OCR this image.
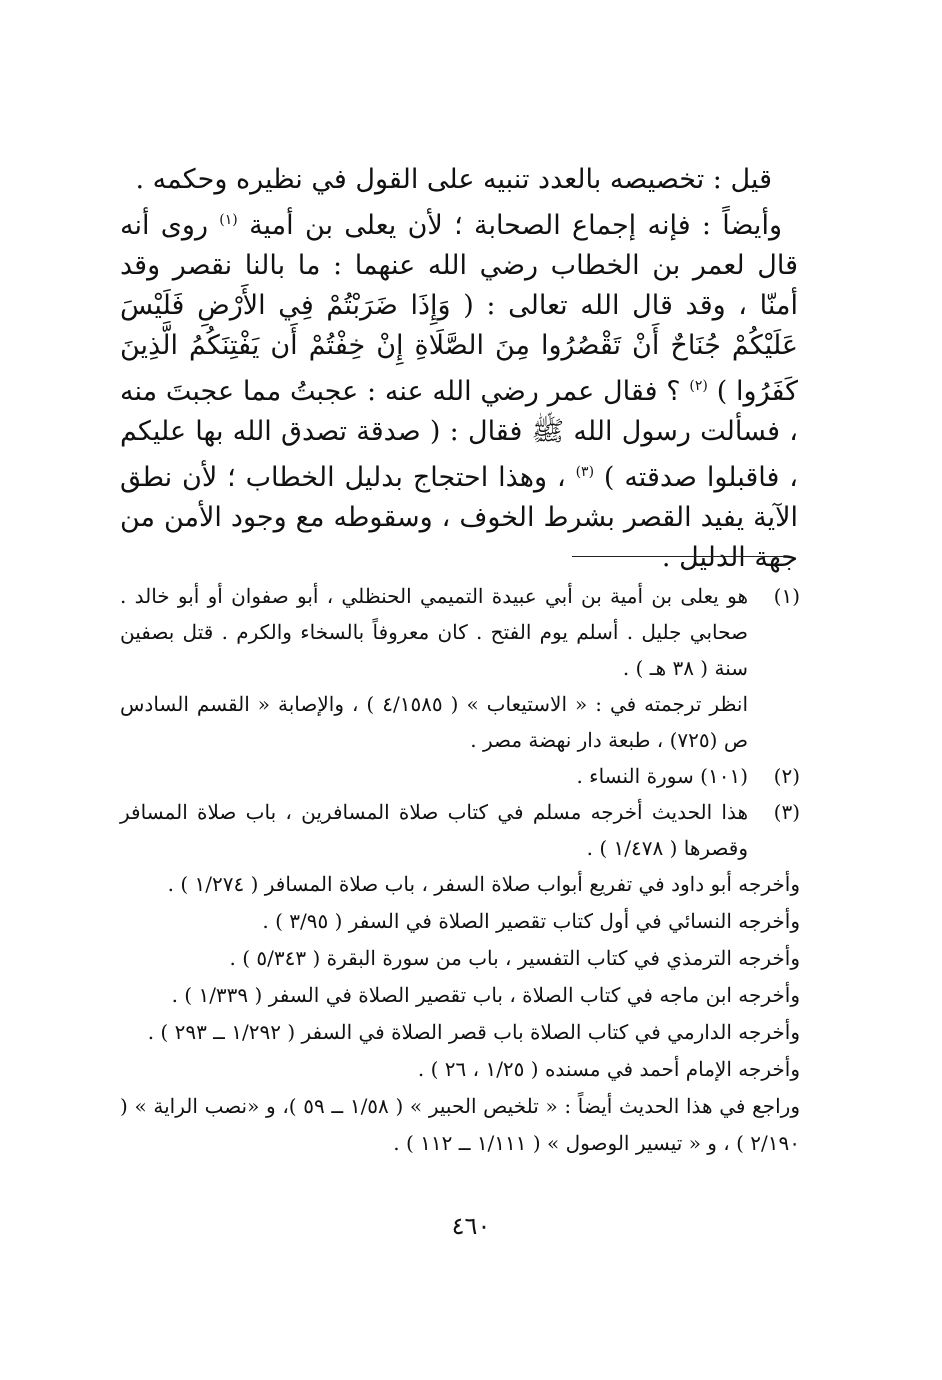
قيل : تخصيصه بالعدد تنبيه على القول في نظيره وحكمه .

وأيضاً : فإنه إجماع الصحابة ؛ لأن يعلى بن أمية $^{(١)}$ روى أنه قال لعمر بن الخطاب رضي الله عنهما : ما بالنا نقصر وقد أمنّا ، وقد قال الله تعالى : ( وَإِذَا ضَرَبْتُمْ فِي الأَرْضِ فَلَيْسَ عَلَيْكُمْ جُنَاحٌ أَنْ تَقْصُرُوا مِنَ الصَّلَاةِ إِنْ خِفْتُمْ أَن يَفْتِنَكُمُ الَّذِينَ كَفَرُوا ) $^{(٢)}$ ؟ فقال عمر رضي الله عنه : عجبتُ مما عجبتَ منه ، فسألت رسول الله ﷺ فقال : ( صدقة تصدق الله بها عليكم ، فاقبلوا صدقته ) $^{(٣)}$ ، وهذا احتجاج بدليل الخطاب ؛ لأن نطق الآية يفيد القصر بشرط الخوف ، وسقوطه مع وجود الأمن من جهة الدليل .

(١)
هو يعلى بن أمية بن أبي عبيدة التميمي الحنظلي ، أبو صفوان أو أبو خالد . صحابي جليل . أسلم يوم الفتح . كان معروفاً بالسخاء والكرم . قتل بصفين سنة ( ٣٨ هـ ) .
انظر ترجمته في : « الاستيعاب » ( ٤/١٥٨٥ ) ، والإصابة « القسم السادس ص (٧٢٥) ، طبعة دار نهضة مصر .
(٢)
(١٠١) سورة النساء .
(٣)
هذا الحديث أخرجه مسلم في كتاب صلاة المسافرين ، باب صلاة المسافر وقصرها ( ١/٤٧٨ ) .

وأخرجه أبو داود في تفريع أبواب صلاة السفر ، باب صلاة المسافر ( ١/٢٧٤ ) .

وأخرجه النسائي في أول كتاب تقصير الصلاة في السفر ( ٣/٩٥ ) .

وأخرجه الترمذي في كتاب التفسير ، باب من سورة البقرة ( ٥/٣٤٣ ) .

وأخرجه ابن ماجه في كتاب الصلاة ، باب تقصير الصلاة في السفر ( ١/٣٣٩ ) .

وأخرجه الدارمي في كتاب الصلاة باب قصر الصلاة في السفر ( ١/٢٩٢ ــ ٢٩٣ ) .

وأخرجه الإمام أحمد في مسنده ( ١/٢٥ ، ٢٦ ) .

وراجع في هذا الحديث أيضاً : « تلخيص الحبير » ( ١/٥٨ ــ ٥٩ )، و «نصب الراية » ( ٢/١٩٠ ) ، و « تيسير الوصول » ( ١/١١١ ــ ١١٢ ) .

٤٦٠
